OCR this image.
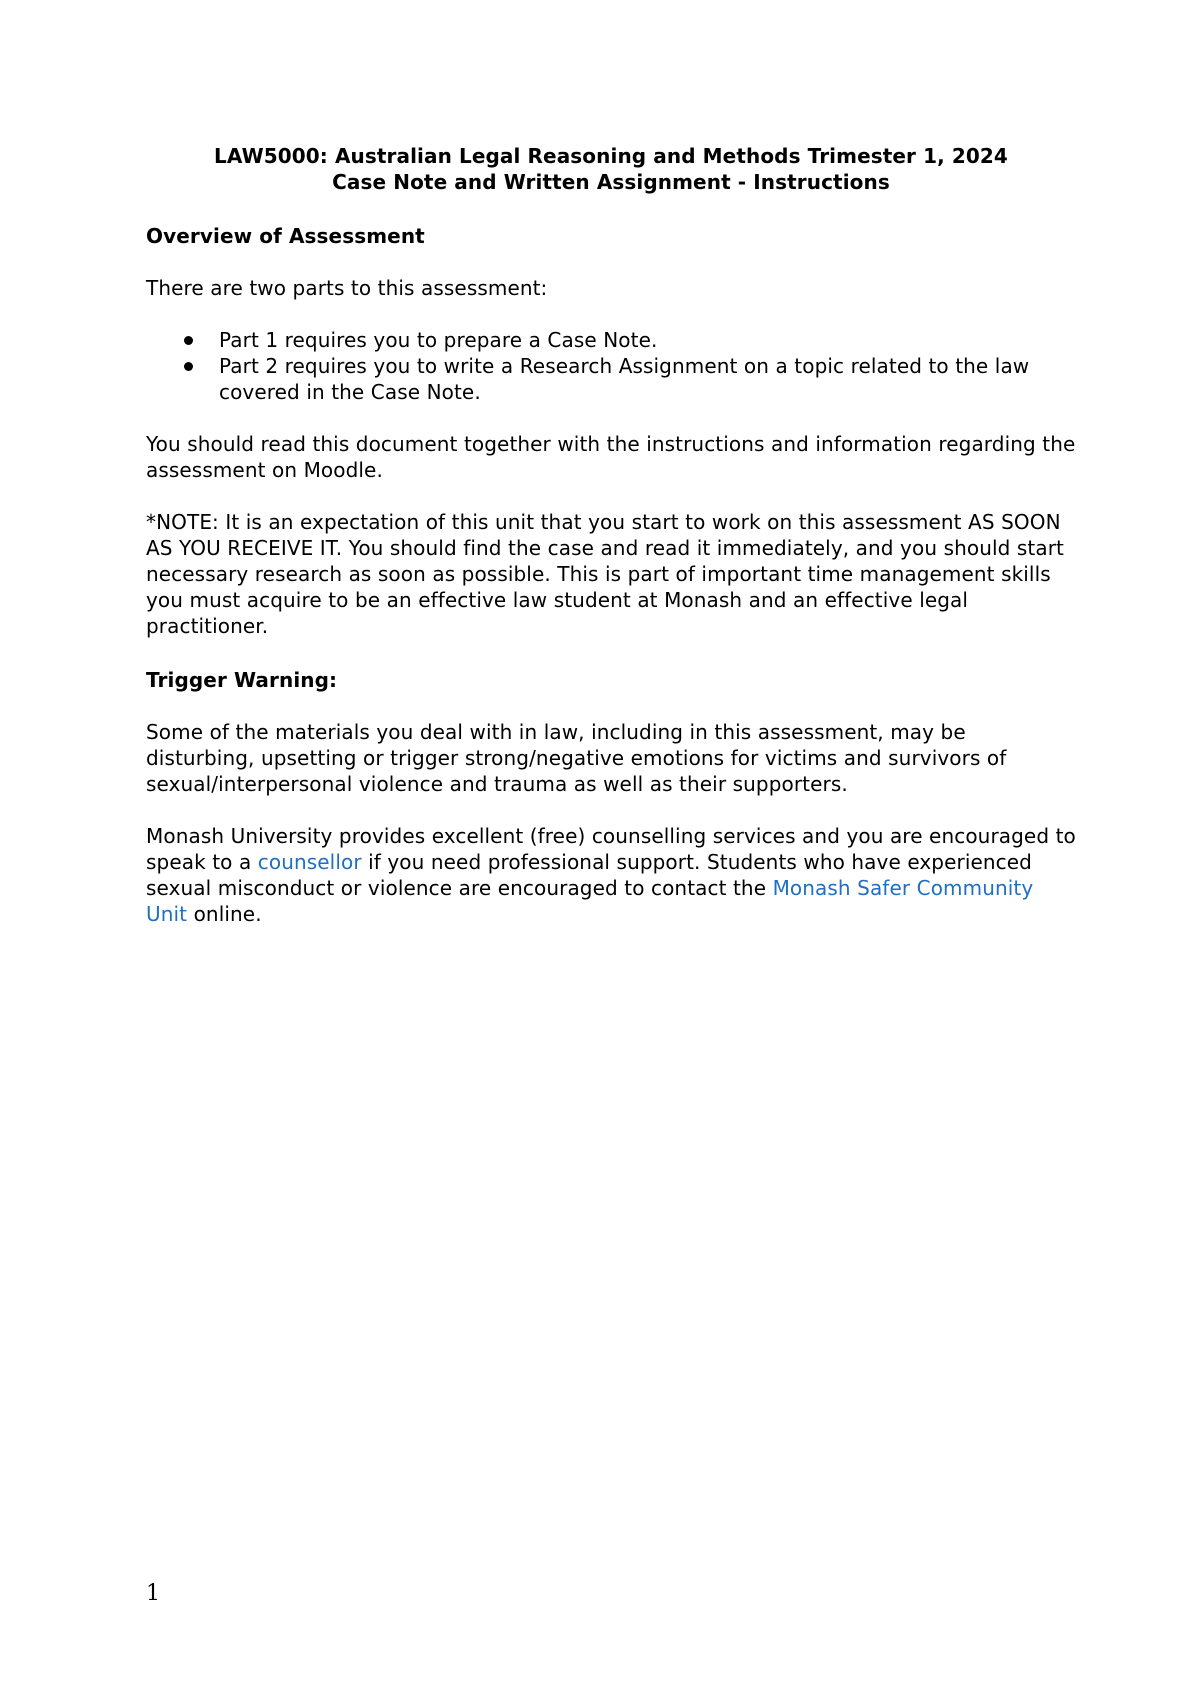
LAW5000: Australian Legal Reasoning and Methods Trimester 1, 2024

Case Note and Written Assignment - Instructions

Overview of Assessment

There are two parts to this assessment:

Part 1 requires you to prepare a Case Note.
Part 2 requires you to write a Research Assignment on a topic related to the law covered in the Case Note.

You should read this document together with the instructions and information regarding the assessment on Moodle.

*NOTE: It is an expectation of this unit that you start to work on this assessment AS SOON AS YOU RECEIVE IT. You should find the case and read it immediately, and you should start necessary research as soon as possible. This is part of important time management skills you must acquire to be an effective law student at Monash and an effective legal practitioner.

Trigger Warning:

Some of the materials you deal with in law, including in this assessment, may be disturbing, upsetting or trigger strong/negative emotions for victims and survivors of sexual/interpersonal violence and trauma as well as their supporters.

Monash University provides excellent (free) counselling services and you are encouraged to speak to a counsellor if you need professional support. Students who have experienced sexual misconduct or violence are encouraged to contact the Monash Safer Community Unit online.

1
